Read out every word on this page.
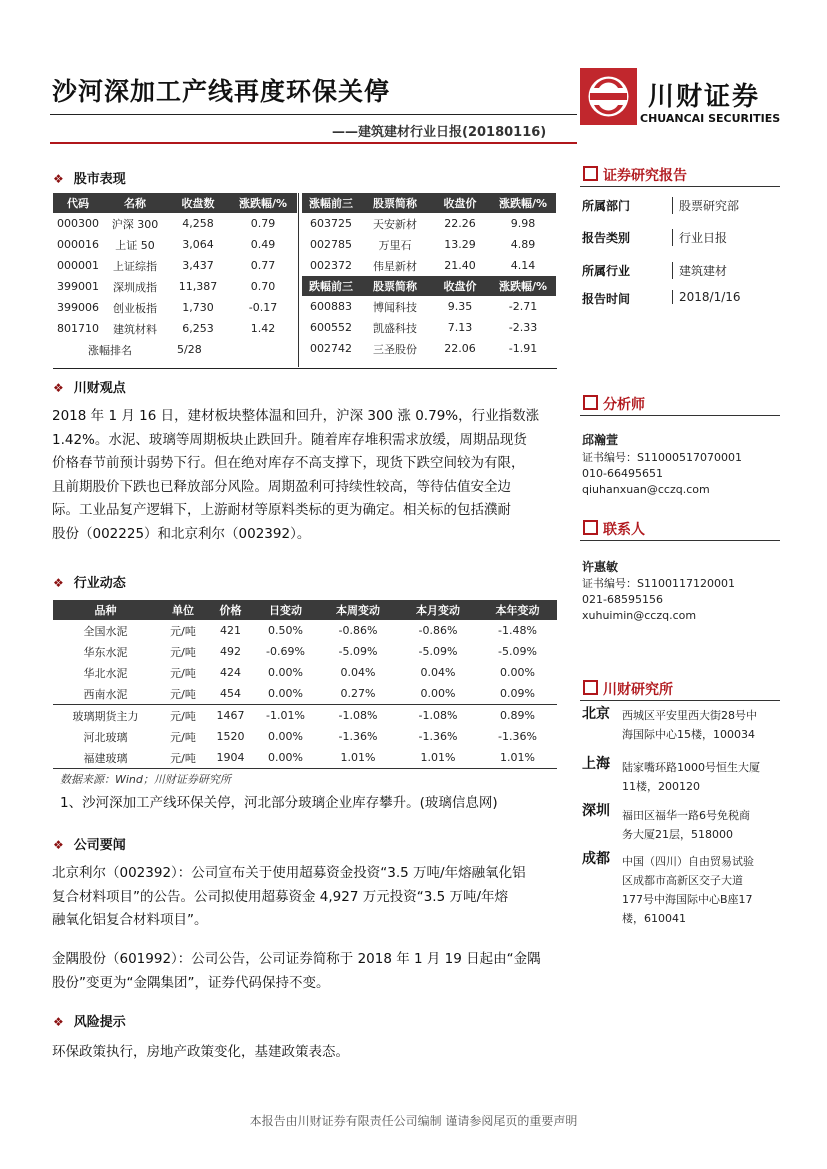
沙河深加工产线再度环保关停	川财证券
CHUANCAI SECURITIES
——建筑建材行业日报(20180116)
❖ 股市表现
代码	名称	收盘数	涨跌幅/%
000300	沪深 300	4,258	0.79
000016	上证 50	3,064	0.49
000001	上证综指	3,437	0.77
399001	深圳成指	11,387	0.70
399006	创业板指	1,730	-0.17
801710	建筑材料	6,253	1.42
涨幅排名		5/28	
涨幅前三	股票简称	收盘价	涨跌幅/%
603725	天安新材	22.26	9.98
002785	万里石	13.29	4.89
002372	伟星新材	21.40	4.14
跌幅前三	股票简称	收盘价	涨跌幅/%
600883	博闻科技	9.35	-2.71
600552	凯盛科技	7.13	-2.33
002742	三圣股份	22.06	-1.91
❖ 川财观点
2018 年 1 月 16 日，建材板块整体温和回升，沪深 300 涨 0.79%，行业指数涨
1.42%。水泥、玻璃等周期板块止跌回升。随着库存堆积需求放缓，周期品现货
价格春节前预计弱势下行。但在绝对库存不高支撑下，现货下跌空间较为有限，
且前期股价下跌也已释放部分风险。周期盈利可持续性较高，等待估值安全边
际。工业品复产逻辑下，上游耐材等原料类标的更为确定。相关标的包括濮耐
股份（002225）和北京利尔（002392）。
❖ 行业动态
品种	单位	价格	日变动	本周变动	本月变动	本年变动
全国水泥	元/吨	421	0.50%	-0.86%	-0.86%	-1.48%
华东水泥	元/吨	492	-0.69%	-5.09%	-5.09%	-5.09%
华北水泥	元/吨	424	0.00%	0.04%	0.04%	0.00%
西南水泥	元/吨	454	0.00%	0.27%	0.00%	0.09%
玻璃期货主力	元/吨	1467	-1.01%	-1.08%	-1.08%	0.89%
河北玻璃	元/吨	1520	0.00%	-1.36%	-1.36%	-1.36%
福建玻璃	元/吨	1904	0.00%	1.01%	1.01%	1.01%
数据来源：Wind；川财证券研究所
1、沙河深加工产线环保关停，河北部分玻璃企业库存攀升。(玻璃信息网)
❖ 公司要闻
北京利尔（002392）：公司宣布关于使用超募资金投资“3.5 万吨/年熔融氧化铝
复合材料项目”的公告。公司拟使用超募资金 4,927 万元投资“3.5 万吨/年熔
融氧化铝复合材料项目”。
金隅股份（601992）：公司公告，公司证券简称于 2018 年 1 月 19 日起由“金隅
股份”变更为“金隅集团”，证券代码保持不变。
❖ 风险提示
环保政策执行，房地产政策变化，基建政策表态。
证券研究报告
所属部门	股票研究部
报告类别	行业日报
所属行业	建筑建材
报告时间	2018/1/16
分析师
邱瀚萱
证书编号：S1100051707​0001
010-66495651
qiuhanxuan@cczq.com
联系人
许惠敏
证书编号：S1100117120001
021-68595156
xuhuimin@cczq.com
川财研究所
北京 西城区平安里西大街28号中
海国际中心15楼，100034
上海 陆家嘴环路1000号恒生大厦
11楼，200120
深圳 福田区福华一路6号免税商
务大厦21层，518000
成都 中国（四川）自由贸易试验
区成都市高新区交子大道
177号中海国际中心B座17
楼，610041
本报告由川财证券有限责任公司编制 谨请参阅尾页的重要声明
